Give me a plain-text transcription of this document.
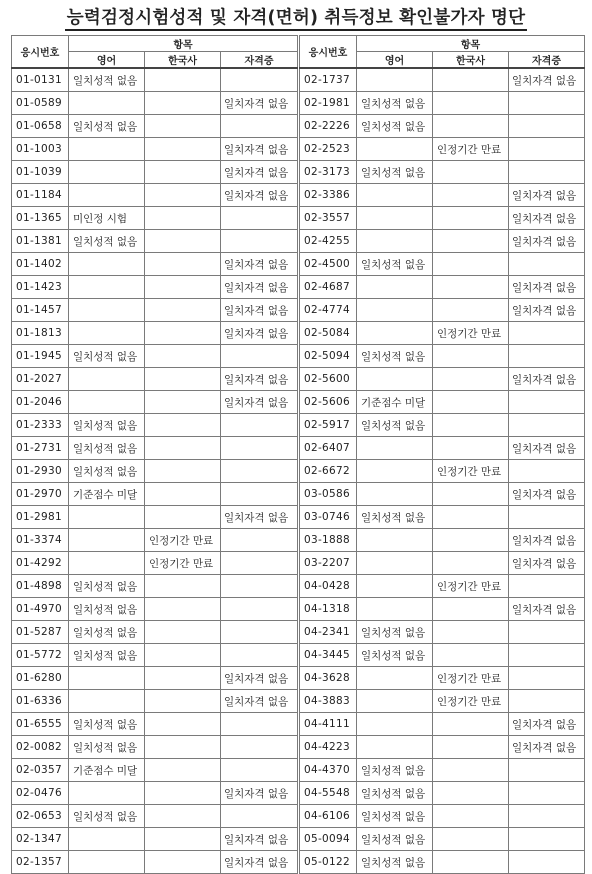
능력검정시험성적 및 자격(면허) 취득정보 확인불가자 명단
응시번호	항목		
	영어	한국사	자격증
01-0131	일치성적 없음		
01-0589			일치자격 없음
01-0658	일치성적 없음		
01-1003			일치자격 없음
01-1039			일치자격 없음
01-1184			일치자격 없음
01-1365	미인정 시험		
01-1381	일치성적 없음		
01-1402			일치자격 없음
01-1423			일치자격 없음
01-1457			일치자격 없음
01-1813			일치자격 없음
01-1945	일치성적 없음		
01-2027			일치자격 없음
01-2046			일치자격 없음
01-2333	일치성적 없음		
01-2731	일치성적 없음		
01-2930	일치성적 없음		
01-2970	기준점수 미달		
01-2981			일치자격 없음
01-3374		인정기간 만료	
01-4292		인정기간 만료	
01-4898	일치성적 없음		
01-4970	일치성적 없음		
01-5287	일치성적 없음		
01-5772	일치성적 없음		
01-6280			일치자격 없음
01-6336			일치자격 없음
01-6555	일치성적 없음		
02-0082	일치성적 없음		
02-0357	기준점수 미달		
02-0476			일치자격 없음
02-0653	일치성적 없음		
02-1347			일치자격 없음
02-1357			일치자격 없음
응시번호	항목		
	영어	한국사	자격증
02-1737			일치자격 없음
02-1981	일치성적 없음		
02-2226	일치성적 없음		
02-2523		인정기간 만료	
02-3173	일치성적 없음		
02-3386			일치자격 없음
02-3557			일치자격 없음
02-4255			일치자격 없음
02-4500	일치성적 없음		
02-4687			일치자격 없음
02-4774			일치자격 없음
02-5084		인정기간 만료	
02-5094	일치성적 없음		
02-5600			일치자격 없음
02-5606	기준점수 미달		
02-5917	일치성적 없음		
02-6407			일치자격 없음
02-6672		인정기간 만료	
03-0586			일치자격 없음
03-0746	일치성적 없음		
03-1888			일치자격 없음
03-2207			일치자격 없음
04-0428		인정기간 만료	
04-1318			일치자격 없음
04-2341	일치성적 없음		
04-3445	일치성적 없음		
04-3628		인정기간 만료	
04-3883		인정기간 만료	
04-4111			일치자격 없음
04-4223			일치자격 없음
04-4370	일치성적 없음		
04-5548	일치성적 없음		
04-6106	일치성적 없음		
05-0094	일치성적 없음		
05-0122	일치성적 없음		
